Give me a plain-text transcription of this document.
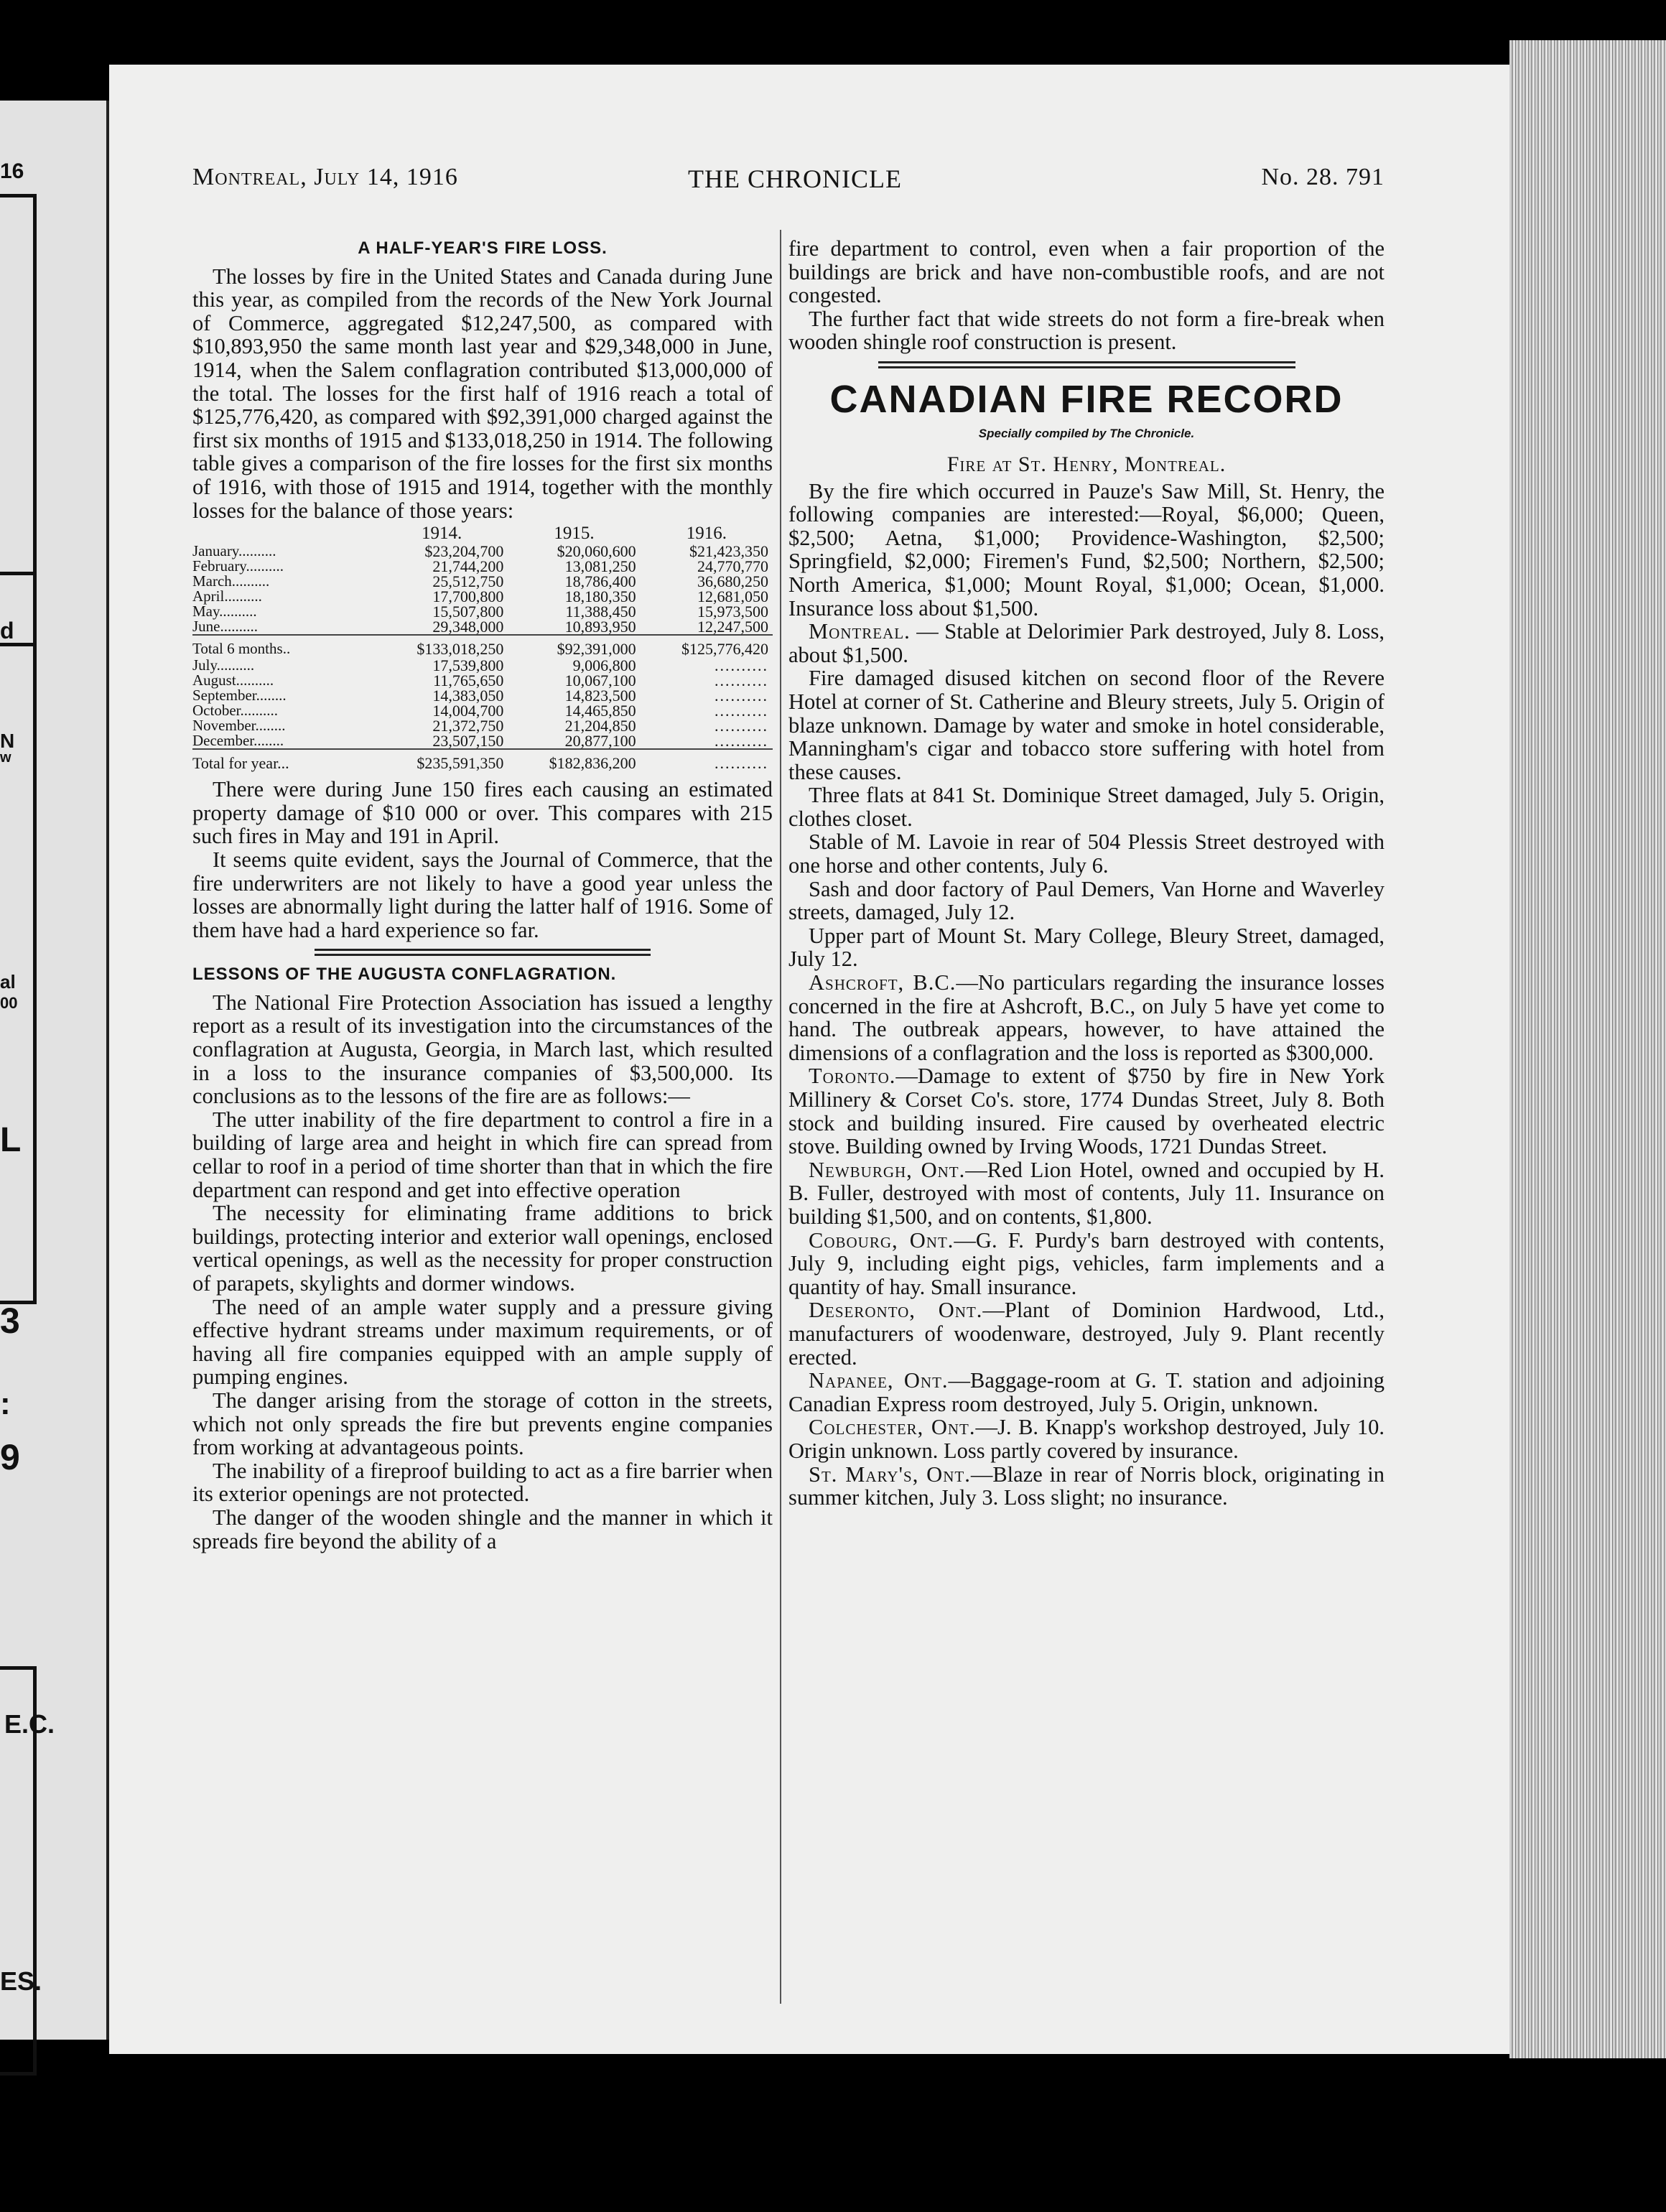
16
d
N
w
al
00
L
3
:
9
E.C.
ES.
Montreal, July 14, 1916	THE CHRONICLE	No. 28. 791
A HALF-YEAR'S FIRE LOSS.

The losses by fire in the United States and Canada during June this year, as compiled from the records of the New York Journal of Commerce, aggregated $12,247,500, as compared with $10,893,950 the same month last year and $29,348,000 in June, 1914, when the Salem conflagration contributed $13,000,000 of the total. The losses for the first half of 1916 reach a total of $125,776,420, as compared with $92,391,000 charged against the first six months of 1915 and $133,018,250 in 1914. The following table gives a comparison of the fire losses for the first six months of 1916, with those of 1915 and 1914, together with the monthly losses for the balance of those years:

	1914.	1915.	1916.
January..........	$23,204,700	$20,060,600	$21,423,350
February..........	21,744,200	13,081,250	24,770,770
March..........	25,512,750	18,786,400	36,680,250
April..........	17,700,800	18,180,350	12,681,050
May..........	15,507,800	11,388,450	15,973,500
June..........	29,348,000	10,893,950	12,247,500
Total 6 months..	$133,018,250	$92,391,000	$125,776,420
July..........	17,539,800	9,006,800	..........
August..........	11,765,650	10,067,100	..........
September........	14,383,050	14,823,500	..........
October..........	14,004,700	14,465,850	..........
November........	21,372,750	21,204,850	..........
December........	23,507,150	20,877,100	..........
Total for year...	$235,591,350	$182,836,200	..........

There were during June 150 fires each causing an estimated property damage of $10 000 or over. This compares with 215 such fires in May and 191 in April.

It seems quite evident, says the Journal of Commerce, that the fire underwriters are not likely to have a good year unless the losses are abnormally light during the latter half of 1916. Some of them have had a hard experience so far.

LESSONS OF THE AUGUSTA CONFLAGRATION.

The National Fire Protection Association has issued a lengthy report as a result of its investigation into the circumstances of the conflagration at Augusta, Georgia, in March last, which resulted in a loss to the insurance companies of $3,500,000. Its conclusions as to the lessons of the fire are as follows:—

The utter inability of the fire department to control a fire in a building of large area and height in which fire can spread from cellar to roof in a period of time shorter than that in which the fire department can respond and get into effective operation

The necessity for eliminating frame additions to brick buildings, protecting interior and exterior wall openings, enclosed vertical openings, as well as the necessity for proper construction of parapets, skylights and dormer windows.

The need of an ample water supply and a pressure giving effective hydrant streams under maximum requirements, or of having all fire companies equipped with an ample supply of pumping engines.

The danger arising from the storage of cotton in the streets, which not only spreads the fire but prevents engine companies from working at advantageous points.

The inability of a fireproof building to act as a fire barrier when its exterior openings are not protected.

The danger of the wooden shingle and the manner in which it spreads fire beyond the ability of a

fire department to control, even when a fair proportion of the buildings are brick and have non-combustible roofs, and are not congested.

The further fact that wide streets do not form a fire-break when wooden shingle roof construction is present.

CANADIAN FIRE RECORD
Specially compiled by The Chronicle.
Fire at St. Henry, Montreal.

By the fire which occurred in Pauze's Saw Mill, St. Henry, the following companies are interested:—Royal, $6,000; Queen, $2,500; Aetna, $1,000; Providence-Washington, $2,500; Springfield, $2,000; Firemen's Fund, $2,500; Northern, $2,500; North America, $1,000; Mount Royal, $1,000; Ocean, $1,000. Insurance loss about $1,500.

Montreal. — Stable at Delorimier Park destroyed, July 8. Loss, about $1,500.

Fire damaged disused kitchen on second floor of the Revere Hotel at corner of St. Catherine and Bleury streets, July 5. Origin of blaze unknown. Damage by water and smoke in hotel considerable, Manningham's cigar and tobacco store suffering with hotel from these causes.

Three flats at 841 St. Dominique Street damaged, July 5. Origin, clothes closet.

Stable of M. Lavoie in rear of 504 Plessis Street destroyed with one horse and other contents, July 6.

Sash and door factory of Paul Demers, Van Horne and Waverley streets, damaged, July 12.

Upper part of Mount St. Mary College, Bleury Street, damaged, July 12.

Ashcroft, B.C.—No particulars regarding the insurance losses concerned in the fire at Ashcroft, B.C., on July 5 have yet come to hand. The outbreak appears, however, to have attained the dimensions of a conflagration and the loss is reported as $300,000.

Toronto.—Damage to extent of $750 by fire in New York Millinery & Corset Co's. store, 1774 Dundas Street, July 8. Both stock and building insured. Fire caused by overheated electric stove. Building owned by Irving Woods, 1721 Dundas Street.

Newburgh, Ont.—Red Lion Hotel, owned and occupied by H. B. Fuller, destroyed with most of contents, July 11. Insurance on building $1,500, and on contents, $1,800.

Cobourg, Ont.—G. F. Purdy's barn destroyed with contents, July 9, including eight pigs, vehicles, farm implements and a quantity of hay. Small insurance.

Deseronto, Ont.—Plant of Dominion Hardwood, Ltd., manufacturers of woodenware, destroyed, July 9. Plant recently erected.

Napanee, Ont.—Baggage-room at G. T. station and adjoining Canadian Express room destroyed, July 5. Origin, unknown.

Colchester, Ont.—J. B. Knapp's workshop destroyed, July 10. Origin unknown. Loss partly covered by insurance.

St. Mary's, Ont.—Blaze in rear of Norris block, originating in summer kitchen, July 3. Loss slight; no insurance.
